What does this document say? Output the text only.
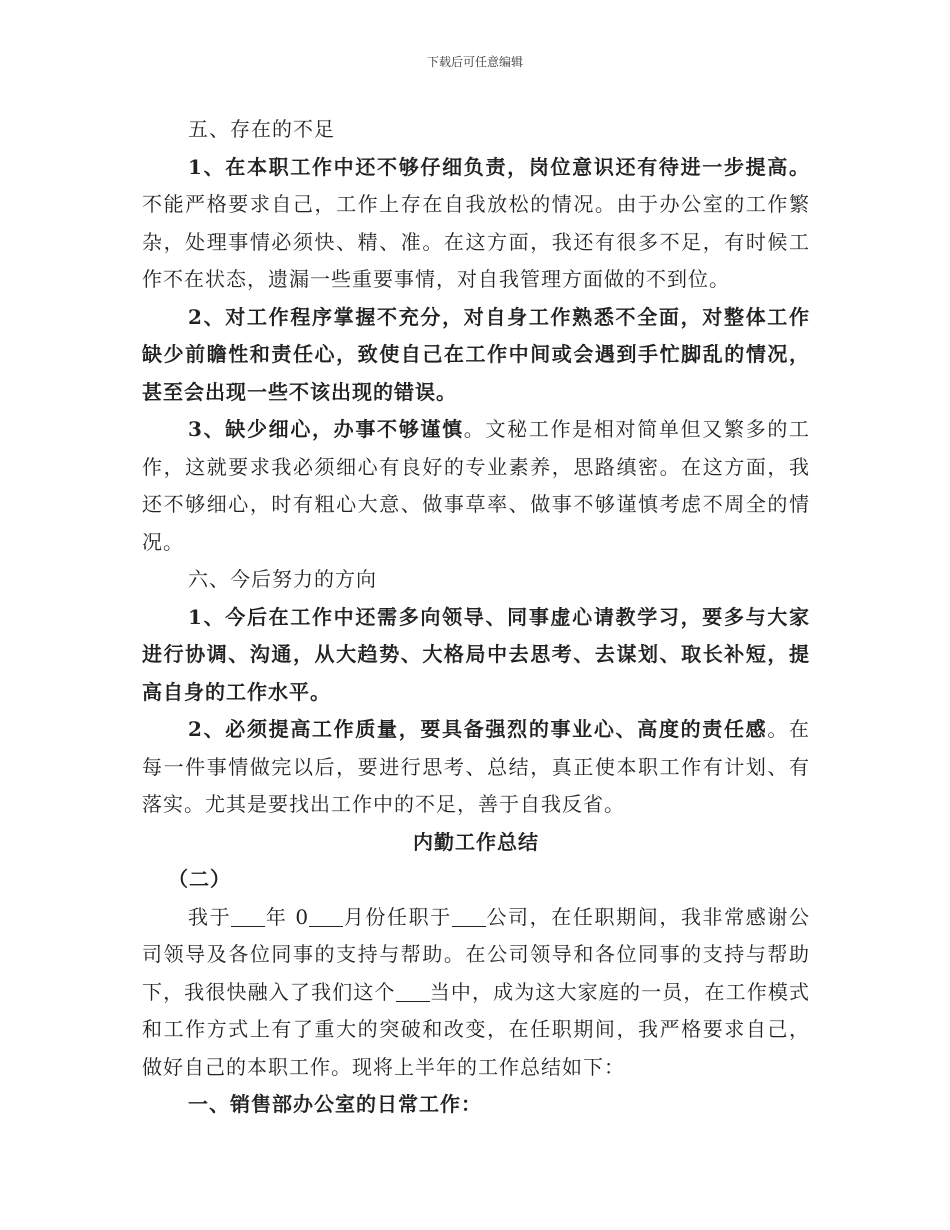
下载后可任意编辑

五、存在的不足

1、在本职工作中还不够仔细负责，岗位意识还有待进一步提高。不能严格要求自己，工作上存在自我放松的情况。由于办公室的工作繁杂，处理事情必须快、精、准。在这方面，我还有很多不足，有时候工作不在状态，遗漏一些重要事情，对自我管理方面做的不到位。

2、对工作程序掌握不充分，对自身工作熟悉不全面，对整体工作缺少前瞻性和责任心，致使自己在工作中间或会遇到手忙脚乱的情况，甚至会出现一些不该出现的错误。

3、缺少细心，办事不够谨慎。文秘工作是相对简单但又繁多的工作，这就要求我必须细心有良好的专业素养，思路缜密。在这方面，我还不够细心，时有粗心大意、做事草率、做事不够谨慎考虑不周全的情况。

六、今后努力的方向

1、今后在工作中还需多向领导、同事虚心请教学习，要多与大家进行协调、沟通，从大趋势、大格局中去思考、去谋划、取长补短，提高自身的工作水平。

2、必须提高工作质量，要具备强烈的事业心、高度的责任感。在每一件事情做完以后，要进行思考、总结，真正使本职工作有计划、有落实。尤其是要找出工作中的不足，善于自我反省。

内勤工作总结

（二）

我于 年 0 月份任职于 公司，在任职期间，我非常感谢公司领导及各位同事的支持与帮助。在公司领导和各位同事的支持与帮助下，我很快融入了我们这个 当中，成为这大家庭的一员，在工作模式和工作方式上有了重大的突破和改变，在任职期间，我严格要求自己，做好自己的本职工作。现将上半年的工作总结如下：

一、销售部办公室的日常工作：
